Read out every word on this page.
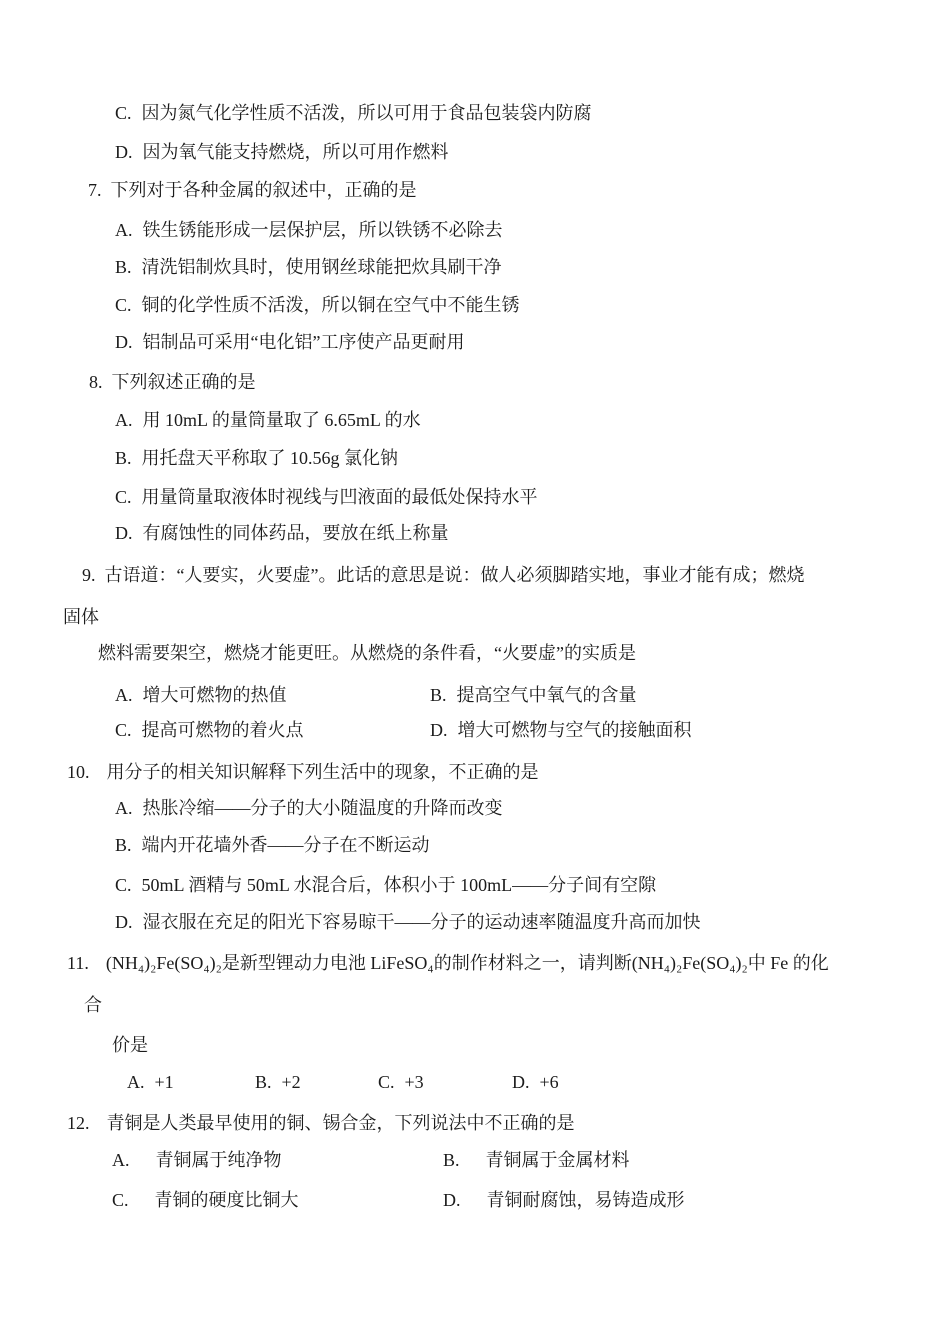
C. 因为氮气化学性质不活泼，所以可用于食品包装袋内防腐
D. 因为氧气能支持燃烧，所以可用作燃料
7. 下列对于各种金属的叙述中，正确的是
A. 铁生锈能形成一层保护层，所以铁锈不必除去
B. 清洗铝制炊具时，使用钢丝球能把炊具刷干净
C. 铜的化学性质不活泼，所以铜在空气中不能生锈
D. 铝制品可采用“电化铝”工序使产品更耐用
8. 下列叙述正确的是
A. 用 10mL 的量筒量取了 6.65mL 的水
B. 用托盘天平称取了 10.56g 氯化钠
C. 用量筒量取液体时视线与凹液面的最低处保持水平
D. 有腐蚀性的同体药品，要放在纸上称量
9. 古语道：“人要实，火要虚”。此话的意思是说：做人必须脚踏实地，事业才能有成；燃烧
固体
燃料需要架空，燃烧才能更旺。从燃烧的条件看，“火要虚”的实质是
A. 增大可燃物的热值	B. 提高空气中氧气的含量
C. 提高可燃物的着火点	D. 增大可燃物与空气的接触面积
10. 用分子的相关知识解释下列生活中的现象，不正确的是
A. 热胀冷缩——分子的大小随温度的升降而改变
B. 端内开花墙外香——分子在不断运动
C. 50mL 酒精与 50mL 水混合后，体积小于 100mL——分子间有空隙
D. 湿衣服在充足的阳光下容易晾干——分子的运动速率随温度升高而加快
11. (NH₄)₂Fe(SO₄)₂是新型锂动力电池 LiFeSO₄的制作材料之一，请判断(NH₄)₂Fe(SO₄)₂中 Fe 的化
合
价是
A. +1	B. +2	C. +3	D. +6
12. 青铜是人类最早使用的铜、锡合金，下列说法中不正确的是
A. 青铜属于纯净物	B. 青铜属于金属材料
C. 青铜的硬度比铜大	D. 青铜耐腐蚀，易铸造成形
